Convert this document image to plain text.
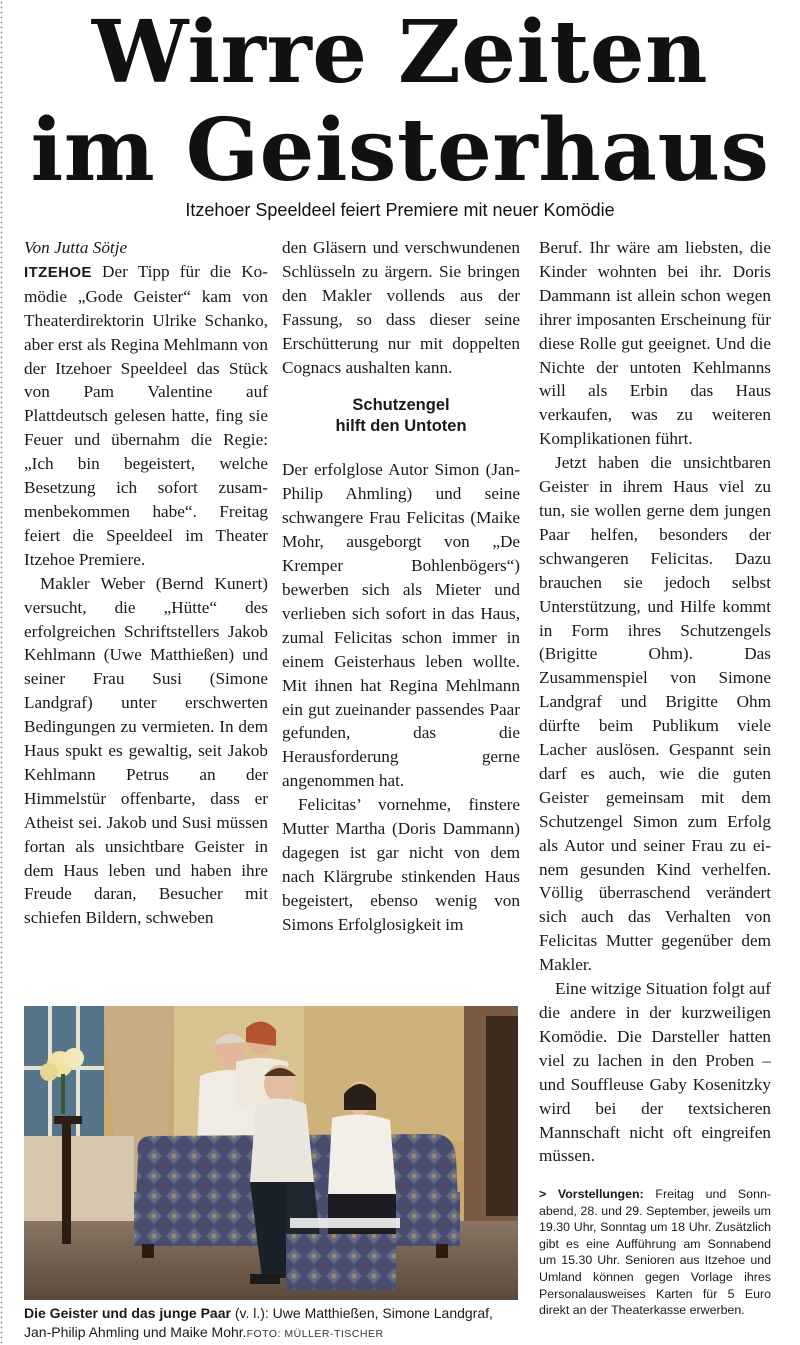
Wirre Zeiten
im Geisterhaus
Itzehoer Speeldeel feiert Premiere mit neuer Komödie

Von Jutta Sötje

ITZEHOE Der Tipp für die Komödie „Gode Geister“ kam von Theaterdirektorin Ulrike Schanko, aber erst als Regina Mehlmann von der Itzehoer Speeldeel das Stück von Pam Valentine auf Plattdeutsch gelesen hatte, fing sie Feuer und übernahm die Regie: „Ich bin begeistert, welche Besetzung ich sofort zusammenbekommen habe“. Freitag feiert die Speeldeel im Theater Itzehoe Premiere.

Makler Weber (Bernd Kunert) versucht, die „Hütte“ des erfolgreichen Schriftstellers Jakob Kehlmann (Uwe Matthießen) und seiner Frau Susi (Simone Landgraf) unter erschwerten Bedingungen zu vermieten. In dem Haus spukt es gewaltig, seit Jakob Kehlmann Petrus an der Himmelstür offenbarte, dass er Atheist sei. Jakob und Susi müssen fortan als unsichtbare Geister in dem Haus leben und haben ihre Freude daran, Besucher mit schiefen Bildern, schweben

den Gläsern und verschwundenen Schlüsseln zu ärgern. Sie bringen den Makler vollends aus der Fassung, so dass dieser seine Erschütterung nur mit doppelten Cognacs aushalten kann.

Schutzengel
hilft den Untoten

Der erfolglose Autor Simon (Jan-Philip Ahmling) und seine schwangere Frau Felicitas (Maike Mohr, ausgeborgt von „De Kremper Bohlenbögers“) bewerben sich als Mieter und verlieben sich sofort in das Haus, zumal Felicitas schon immer in einem Geisterhaus leben wollte. Mit ihnen hat Regina Mehlmann ein gut zueinander passendes Paar gefunden, das die Herausforderung gerne angenommen hat.

Felicitas’ vornehme, finstere Mutter Martha (Doris Dammann) dagegen ist gar nicht von dem nach Klärgrube stinkenden Haus begeistert, ebenso wenig von Simons Erfolglosigkeit im

Beruf. Ihr wäre am liebsten, die Kinder wohnten bei ihr. Doris Dammann ist allein schon wegen ihrer imposanten Erscheinung für diese Rolle gut geeignet. Und die Nichte der untoten Kehlmanns will als Erbin das Haus verkaufen, was zu weiteren Komplikationen führt.

Jetzt haben die unsichtbaren Geister in ihrem Haus viel zu tun, sie wollen gerne dem jungen Paar helfen, besonders der schwangeren Felicitas. Dazu brauchen sie jedoch selbst Unterstützung, und Hilfe kommt in Form ihres Schutzengels (Brigitte Ohm). Das Zusammenspiel von Simone Landgraf und Brigitte Ohm dürfte beim Publikum viele Lacher auslösen. Gespannt sein darf es auch, wie die guten Geister gemeinsam mit dem Schutzengel Simon zum Erfolg als Autor und seiner Frau zu einem gesunden Kind verhelfen. Völlig überraschend verändert sich auch das Verhalten von Felicitas Mutter gegenüber dem Makler.

Eine witzige Situation folgt auf die andere in der kurzweiligen Komödie. Die Darsteller hatten viel zu lachen in den Proben – und Souffleuse Gaby Kosenitzky wird bei der textsicheren Mannschaft nicht oft eingreifen müssen.

> Vorstellungen: Freitag und Sonnabend, 28. und 29. September, jeweils um 19.30 Uhr, Sonntag um 18 Uhr. Zusätzlich gibt es eine Aufführung am Sonnabend um 15.30 Uhr. Senioren aus Itzehoe und Umland können gegen Vorlage ihres Personalausweises Karten für 5 Euro direkt an der Theaterkasse erwerben.
Die Geister und das junge Paar (v. l.): Uwe Matthießen, Simone Landgraf, Jan-Philip Ahmling und Maike Mohr.FOTO: MÜLLER-TISCHER
